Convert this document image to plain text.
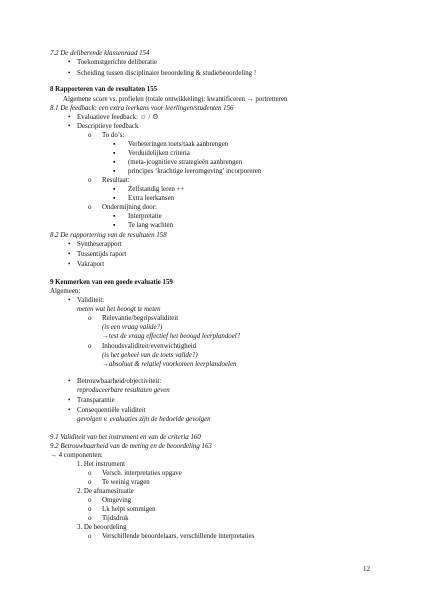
7.2 De deliberende klassenraad 154
• Toekomstgerichte deliberatie
• Scheiding tussen disciplinaire beoordeling & studiebeoordeling !
8 Rapporteren van de resultaten 155
Algemene score vs. profielen (totale ontwikkeling): kwantificeren → portretteren
8.1 De feedback: een extra leerkans voor leerlingen/studenten 156
• Evaluatieve feedback: ☺ / ☹
• Descriptieve feedback
o To do’s:
▪ Verbeteringen toets/taak aanbrengen
▪ Verduidelijken criteria
▪ (meta-)cognitieve strategieën aanbrengen
▪ principes ‘krachtige leeromgeving’ incorporeren
o Resultaat:
▪ Zelfstandig leren ++
▪ Extra leerkansen
o Ondermijning door:
▪ Interpretatie
▪ Te lang wachten
8.2 De rapportering van de resultaten 158
• Syntheserapport
• Tussentijds raport
• Vakraport
9 Kenmerken van een goede evaluatie 159
Algemeen:
• Validiteit:
meten wat het beoogt te meten
o Relevantie/begripsvaliditeit
(is een vraag valide?)
→test de vraag effectief het beoogd leerplandoel?
o Inhoudsvaliditeit/evenwichtigheid
(is het geheel van de toets valide?)
→absoluut & relatief voorkomen leerplandoelen
• Betrouwbaarheid/objectiviteit:
reproduceerbare resultaten geven
• Transparantie
• Consequentiële validiteit
gevolgen v. evaluaties zijn de bedoelde gevolgen
9.1 Validiteit van het instrument en van de criteria 160
9.2 Betrouwbaarheid van de meting en de beoordeling 163
→ 4 componenten:
1. Het instrument
o Versch. interpretaties opgave
o Te weinig vragen
2. De afnamesituatie
o Omgeving
o Lk helpt sommigen
o Tijdsdruk
3. De beoordeling
o Verschillende beoordelaars, verschillende interpretaties
12
